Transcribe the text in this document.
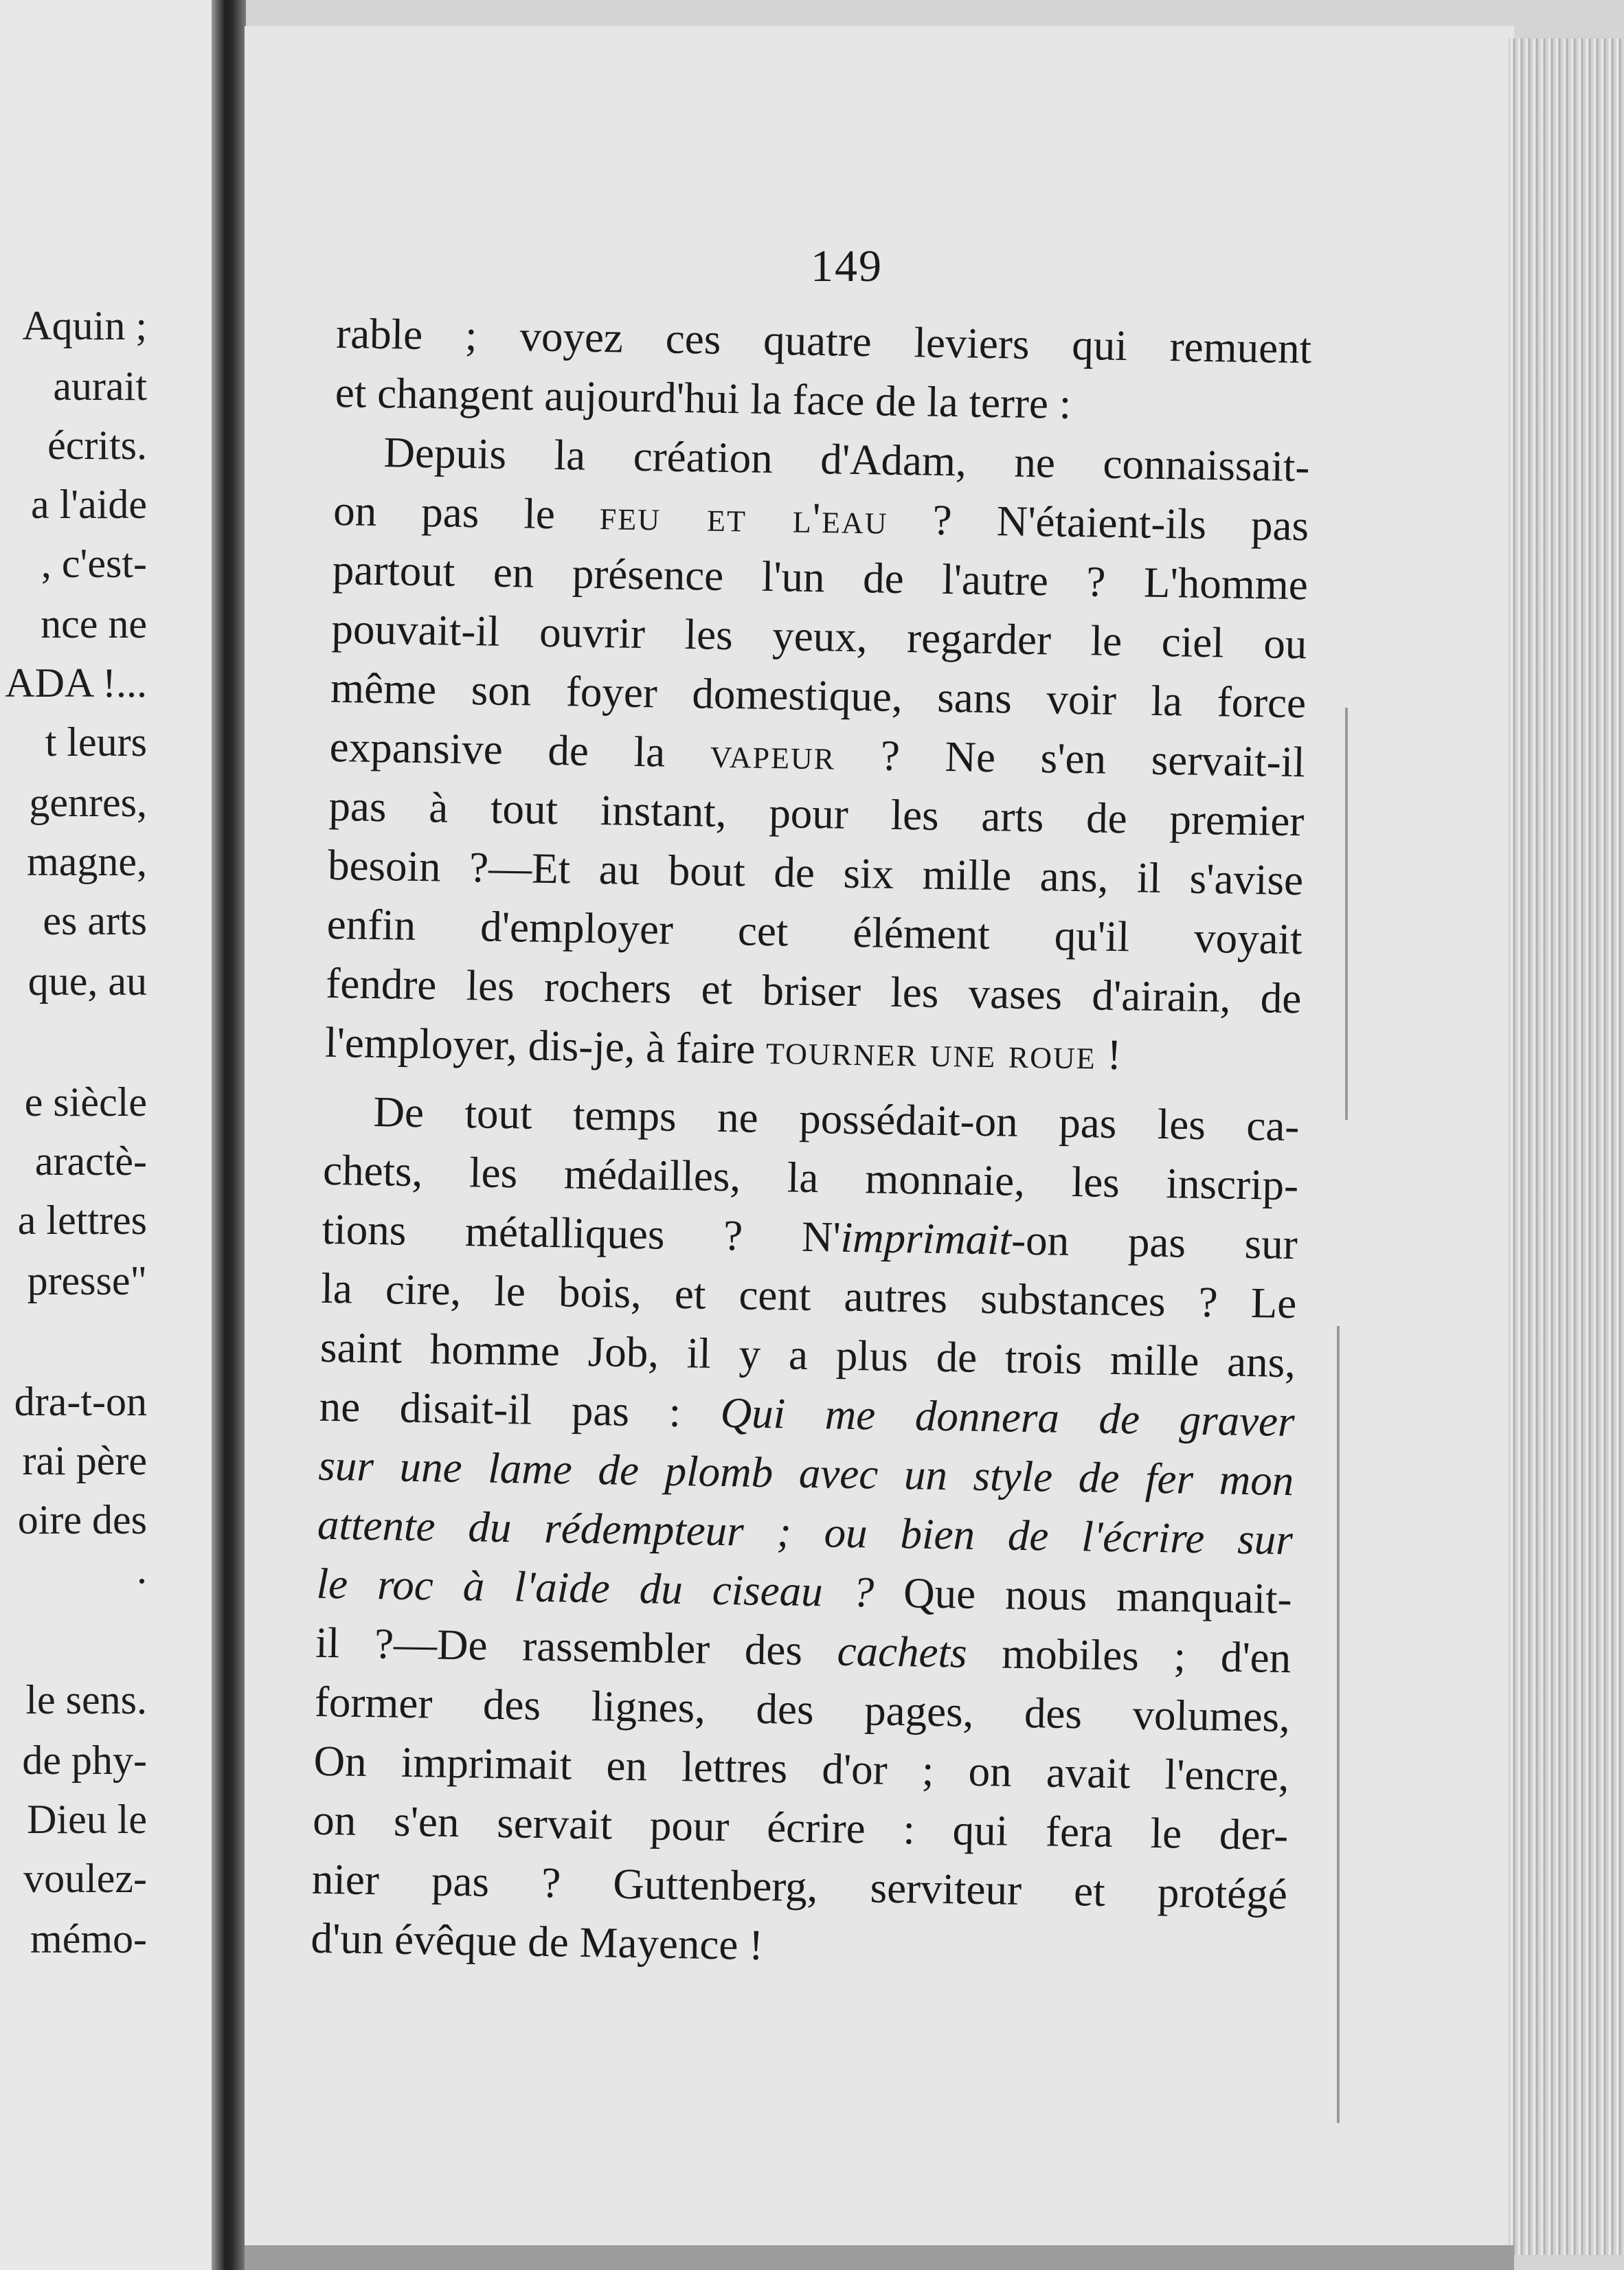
Aquin ;
aurait
écrits.
a l'aide
, c'est-
nce ne
ADA !...
t leurs
genres,
magne,
es arts
que, au
e siècle
aractè-
a lettres
presse"
dra-t-on
rai père
oire des
.
le sens.
de phy-
Dieu le
voulez-
mémo-
149
rable ; voyez ces quatre leviers qui remuent
et changent aujourd'hui la face de la terre :
Depuis la création d'Adam, ne connaissait-
on pas le feu et l'eau ? N'étaient-ils pas
partout en présence l'un de l'autre ? L'homme
pouvait-il ouvrir les yeux, regarder le ciel ou
même son foyer domestique, sans voir la force
expansive de la vapeur ? Ne s'en servait-il
pas à tout instant, pour les arts de premier
besoin ?—Et au bout de six mille ans, il s'avise
enfin d'employer cet élément qu'il voyait
fendre les rochers et briser les vases d'airain, de
l'employer, dis-je, à faire tourner une roue !
De tout temps ne possédait-on pas les ca-
chets, les médailles, la monnaie, les inscrip-
tions métalliques ? N'imprimait-on pas sur
la cire, le bois, et cent autres substances ? Le
saint homme Job, il y a plus de trois mille ans,
ne disait-il pas : Qui me donnera de graver
sur une lame de plomb avec un style de fer mon
attente du rédempteur ; ou bien de l'écrire sur
le roc à l'aide du ciseau ? Que nous manquait-
il ?—De rassembler des cachets mobiles ; d'en
former des lignes, des pages, des volumes,
On imprimait en lettres d'or ; on avait l'encre,
on s'en servait pour écrire : qui fera le der-
nier pas ? Guttenberg, serviteur et protégé
d'un évêque de Mayence !
